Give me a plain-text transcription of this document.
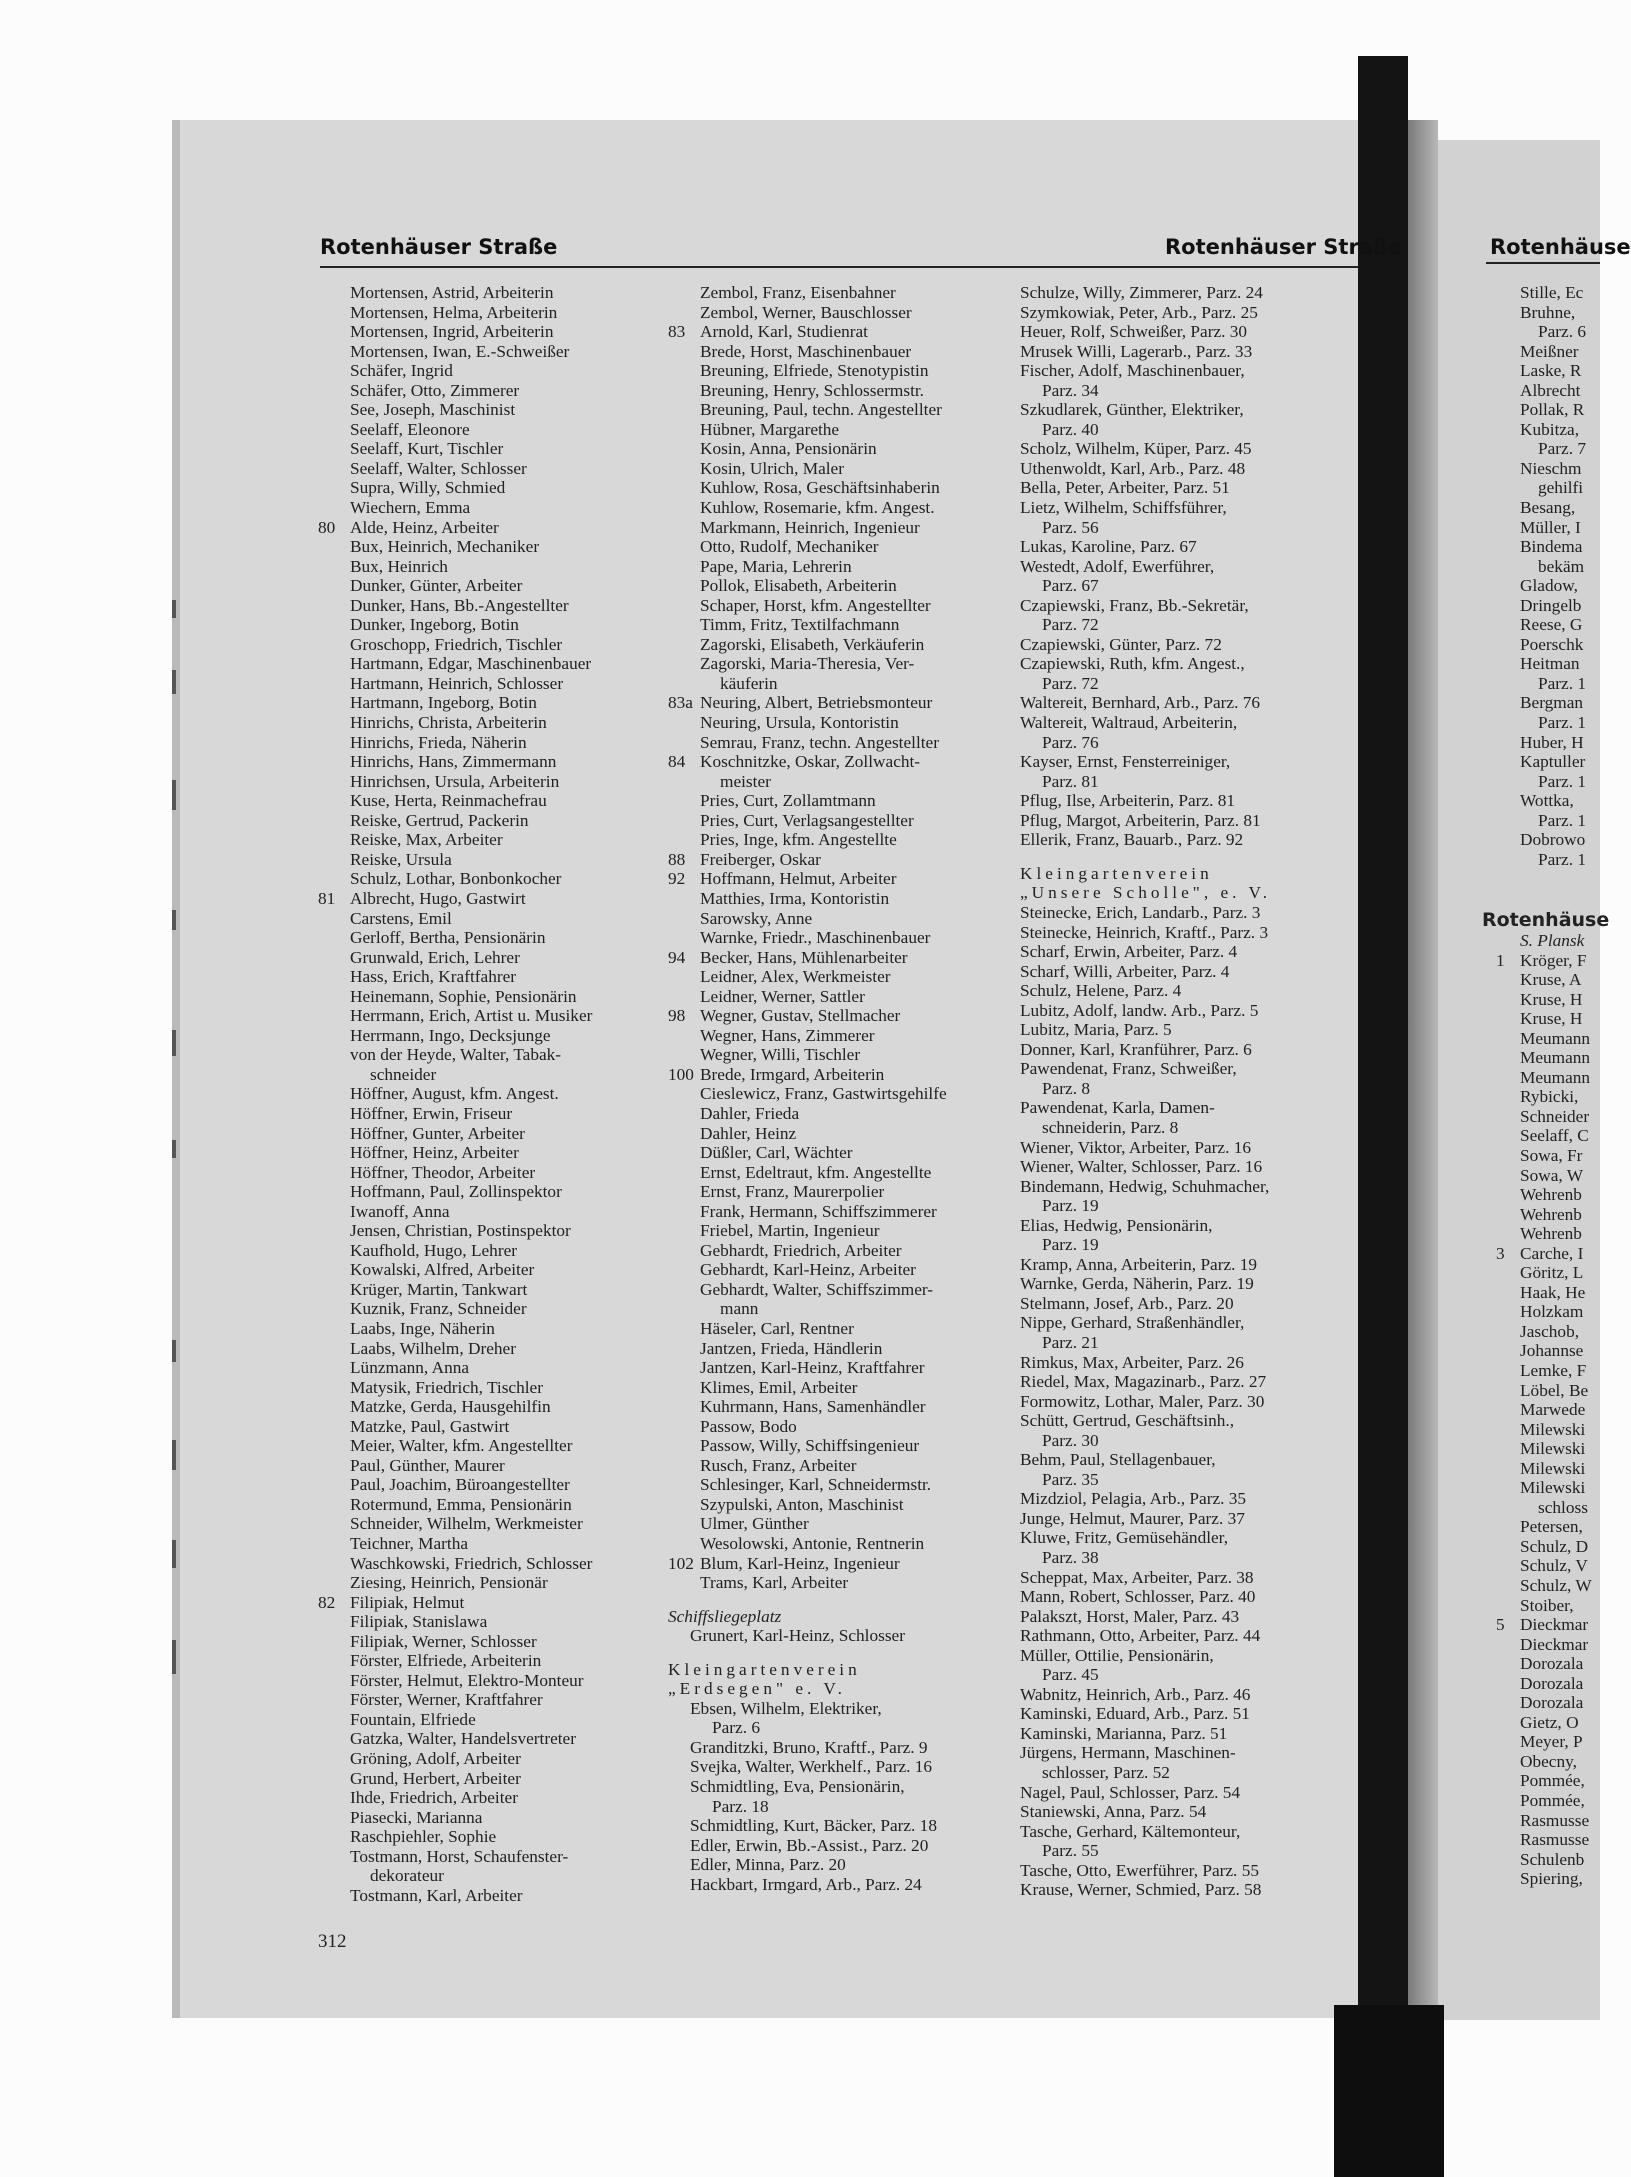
Rotenhäuser Straße	Rotenhäuser Straße	Rotenhäuse
Mortensen, Astrid, Arbeiterin
Mortensen, Helma, Arbeiterin
Mortensen, Ingrid, Arbeiterin
Mortensen, Iwan, E.-Schweißer
Schäfer, Ingrid
Schäfer, Otto, Zimmerer
See, Joseph, Maschinist
Seelaff, Eleonore
Seelaff, Kurt, Tischler
Seelaff, Walter, Schlosser
Supra, Willy, Schmied
Wiechern, Emma
80 Alde, Heinz, Arbeiter
Bux, Heinrich, Mechaniker
Bux, Heinrich
Dunker, Günter, Arbeiter
Dunker, Hans, Bb.-Angestellter
Dunker, Ingeborg, Botin
Groschopp, Friedrich, Tischler
Hartmann, Edgar, Maschinenbauer
Hartmann, Heinrich, Schlosser
Hartmann, Ingeborg, Botin
Hinrichs, Christa, Arbeiterin
Hinrichs, Frieda, Näherin
Hinrichs, Hans, Zimmermann
Hinrichsen, Ursula, Arbeiterin
Kuse, Herta, Reinmachefrau
Reiske, Gertrud, Packerin
Reiske, Max, Arbeiter
Reiske, Ursula
Schulz, Lothar, Bonbonkocher
81 Albrecht, Hugo, Gastwirt
Carstens, Emil
Gerloff, Bertha, Pensionärin
Grunwald, Erich, Lehrer
Hass, Erich, Kraftfahrer
Heinemann, Sophie, Pensionärin
Herrmann, Erich, Artist u. Musiker
Herrmann, Ingo, Decksjunge
von der Heyde, Walter, Tabak-
schneider
Höffner, August, kfm. Angest.
Höffner, Erwin, Friseur
Höffner, Gunter, Arbeiter
Höffner, Heinz, Arbeiter
Höffner, Theodor, Arbeiter
Hoffmann, Paul, Zollinspektor
Iwanoff, Anna
Jensen, Christian, Postinspektor
Kaufhold, Hugo, Lehrer
Kowalski, Alfred, Arbeiter
Krüger, Martin, Tankwart
Kuznik, Franz, Schneider
Laabs, Inge, Näherin
Laabs, Wilhelm, Dreher
Lünzmann, Anna
Matysik, Friedrich, Tischler
Matzke, Gerda, Hausgehilfin
Matzke, Paul, Gastwirt
Meier, Walter, kfm. Angestellter
Paul, Günther, Maurer
Paul, Joachim, Büroangestellter
Rotermund, Emma, Pensionärin
Schneider, Wilhelm, Werkmeister
Teichner, Martha
Waschkowski, Friedrich, Schlosser
Ziesing, Heinrich, Pensionär
82 Filipiak, Helmut
Filipiak, Stanislawa
Filipiak, Werner, Schlosser
Förster, Elfriede, Arbeiterin
Förster, Helmut, Elektro-Monteur
Förster, Werner, Kraftfahrer
Fountain, Elfriede
Gatzka, Walter, Handelsvertreter
Gröning, Adolf, Arbeiter
Grund, Herbert, Arbeiter
Ihde, Friedrich, Arbeiter
Piasecki, Marianna
Raschpiehler, Sophie
Tostmann, Horst, Schaufenster-
dekorateur
Tostmann, Karl, Arbeiter
Zembol, Franz, Eisenbahner
Zembol, Werner, Bauschlosser
83 Arnold, Karl, Studienrat
Brede, Horst, Maschinenbauer
Breuning, Elfriede, Stenotypistin
Breuning, Henry, Schlossermstr.
Breuning, Paul, techn. Angestellter
Hübner, Margarethe
Kosin, Anna, Pensionärin
Kosin, Ulrich, Maler
Kuhlow, Rosa, Geschäftsinhaberin
Kuhlow, Rosemarie, kfm. Angest.
Markmann, Heinrich, Ingenieur
Otto, Rudolf, Mechaniker
Pape, Maria, Lehrerin
Pollok, Elisabeth, Arbeiterin
Schaper, Horst, kfm. Angestellter
Timm, Fritz, Textilfachmann
Zagorski, Elisabeth, Verkäuferin
Zagorski, Maria-Theresia, Ver-
käuferin
83a Neuring, Albert, Betriebsmonteur
Neuring, Ursula, Kontoristin
Semrau, Franz, techn. Angestellter
84 Koschnitzke, Oskar, Zollwacht-
meister
Pries, Curt, Zollamtmann
Pries, Curt, Verlagsangestellter
Pries, Inge, kfm. Angestellte
88 Freiberger, Oskar
92 Hoffmann, Helmut, Arbeiter
Matthies, Irma, Kontoristin
Sarowsky, Anne
Warnke, Friedr., Maschinenbauer
94 Becker, Hans, Mühlenarbeiter
Leidner, Alex, Werkmeister
Leidner, Werner, Sattler
98 Wegner, Gustav, Stellmacher
Wegner, Hans, Zimmerer
Wegner, Willi, Tischler
100 Brede, Irmgard, Arbeiterin
Cieslewicz, Franz, Gastwirtsgehilfe
Dahler, Frieda
Dahler, Heinz
Düßler, Carl, Wächter
Ernst, Edeltraut, kfm. Angestellte
Ernst, Franz, Maurerpolier
Frank, Hermann, Schiffszimmerer
Friebel, Martin, Ingenieur
Gebhardt, Friedrich, Arbeiter
Gebhardt, Karl-Heinz, Arbeiter
Gebhardt, Walter, Schiffszimmer-
mann
Häseler, Carl, Rentner
Jantzen, Frieda, Händlerin
Jantzen, Karl-Heinz, Kraftfahrer
Klimes, Emil, Arbeiter
Kuhrmann, Hans, Samenhändler
Passow, Bodo
Passow, Willy, Schiffsingenieur
Rusch, Franz, Arbeiter
Schlesinger, Karl, Schneidermstr.
Szypulski, Anton, Maschinist
Ulmer, Günther
Wesolowski, Antonie, Rentnerin
102 Blum, Karl-Heinz, Ingenieur
Trams, Karl, Arbeiter
Schiffsliegeplatz
Grunert, Karl-Heinz, Schlosser
Kleingartenverein
„Erdsegen" e. V.
Ebsen, Wilhelm, Elektriker,
Parz. 6
Granditzki, Bruno, Kraftf., Parz. 9
Svejka, Walter, Werkhelf., Parz. 16
Schmidtling, Eva, Pensionärin,
Parz. 18
Schmidtling, Kurt, Bäcker, Parz. 18
Edler, Erwin, Bb.-Assist., Parz. 20
Edler, Minna, Parz. 20
Hackbart, Irmgard, Arb., Parz. 24
Schulze, Willy, Zimmerer, Parz. 24
Szymkowiak, Peter, Arb., Parz. 25
Heuer, Rolf, Schweißer, Parz. 30
Mrusek Willi, Lagerarb., Parz. 33
Fischer, Adolf, Maschinenbauer,
Parz. 34
Szkudlarek, Günther, Elektriker,
Parz. 40
Scholz, Wilhelm, Küper, Parz. 45
Uthenwoldt, Karl, Arb., Parz. 48
Bella, Peter, Arbeiter, Parz. 51
Lietz, Wilhelm, Schiffsführer,
Parz. 56
Lukas, Karoline, Parz. 67
Westedt, Adolf, Ewerführer,
Parz. 67
Czapiewski, Franz, Bb.-Sekretär,
Parz. 72
Czapiewski, Günter, Parz. 72
Czapiewski, Ruth, kfm. Angest.,
Parz. 72
Waltereit, Bernhard, Arb., Parz. 76
Waltereit, Waltraud, Arbeiterin,
Parz. 76
Kayser, Ernst, Fensterreiniger,
Parz. 81
Pflug, Ilse, Arbeiterin, Parz. 81
Pflug, Margot, Arbeiterin, Parz. 81
Ellerik, Franz, Bauarb., Parz. 92
Kleingartenverein
„Unsere Scholle", e. V.
Steinecke, Erich, Landarb., Parz. 3
Steinecke, Heinrich, Kraftf., Parz. 3
Scharf, Erwin, Arbeiter, Parz. 4
Scharf, Willi, Arbeiter, Parz. 4
Schulz, Helene, Parz. 4
Lubitz, Adolf, landw. Arb., Parz. 5
Lubitz, Maria, Parz. 5
Donner, Karl, Kranführer, Parz. 6
Pawendenat, Franz, Schweißer,
Parz. 8
Pawendenat, Karla, Damen-
schneiderin, Parz. 8
Wiener, Viktor, Arbeiter, Parz. 16
Wiener, Walter, Schlosser, Parz. 16
Bindemann, Hedwig, Schuhmacher,
Parz. 19
Elias, Hedwig, Pensionärin,
Parz. 19
Kramp, Anna, Arbeiterin, Parz. 19
Warnke, Gerda, Näherin, Parz. 19
Stelmann, Josef, Arb., Parz. 20
Nippe, Gerhard, Straßenhändler,
Parz. 21
Rimkus, Max, Arbeiter, Parz. 26
Riedel, Max, Magazinarb., Parz. 27
Formowitz, Lothar, Maler, Parz. 30
Schütt, Gertrud, Geschäftsinh.,
Parz. 30
Behm, Paul, Stellagenbauer,
Parz. 35
Mizdziol, Pelagia, Arb., Parz. 35
Junge, Helmut, Maurer, Parz. 37
Kluwe, Fritz, Gemüsehändler,
Parz. 38
Scheppat, Max, Arbeiter, Parz. 38
Mann, Robert, Schlosser, Parz. 40
Palakszt, Horst, Maler, Parz. 43
Rathmann, Otto, Arbeiter, Parz. 44
Müller, Ottilie, Pensionärin,
Parz. 45
Wabnitz, Heinrich, Arb., Parz. 46
Kaminski, Eduard, Arb., Parz. 51
Kaminski, Marianna, Parz. 51
Jürgens, Hermann, Maschinen-
schlosser, Parz. 52
Nagel, Paul, Schlosser, Parz. 54
Staniewski, Anna, Parz. 54
Tasche, Gerhard, Kältemonteur,
Parz. 55
Tasche, Otto, Ewerführer, Parz. 55
Krause, Werner, Schmied, Parz. 58
Stille, Ec
Bruhne,
Parz. 6
Meißner
Laske, R
Albrecht
Pollak, R
Kubitza,
Parz. 7
Nieschm
gehilfi
Besang,
Müller, I
Bindema
bekäm
Gladow,
Dringelb
Reese, G
Poerschk
Heitman
Parz. 1
Bergman
Parz. 1
Huber, H
Kaptuller
Parz. 1
Wottka,
Parz. 1
Dobrowo
Parz. 1
Rotenhäuse
S. Plansk
1 Kröger, F
Kruse, A
Kruse, H
Kruse, H
Meumann
Meumann
Meumann
Rybicki,
Schneider
Seelaff, C
Sowa, Fr
Sowa, W
Wehrenb
Wehrenb
Wehrenb
3 Carche, I
Göritz, L
Haak, He
Holzkam
Jaschob,
Johannse
Lemke, F
Löbel, Be
Marwede
Milewski
Milewski
Milewski
Milewski
schloss
Petersen,
Schulz, D
Schulz, V
Schulz, W
Stoiber,
5 Dieckmar
Dieckmar
Dorozala
Dorozala
Dorozala
Gietz, O
Meyer, P
Obecny,
Pommée,
Pommée,
Rasmusse
Rasmusse
Schulenb
Spiering,
312
